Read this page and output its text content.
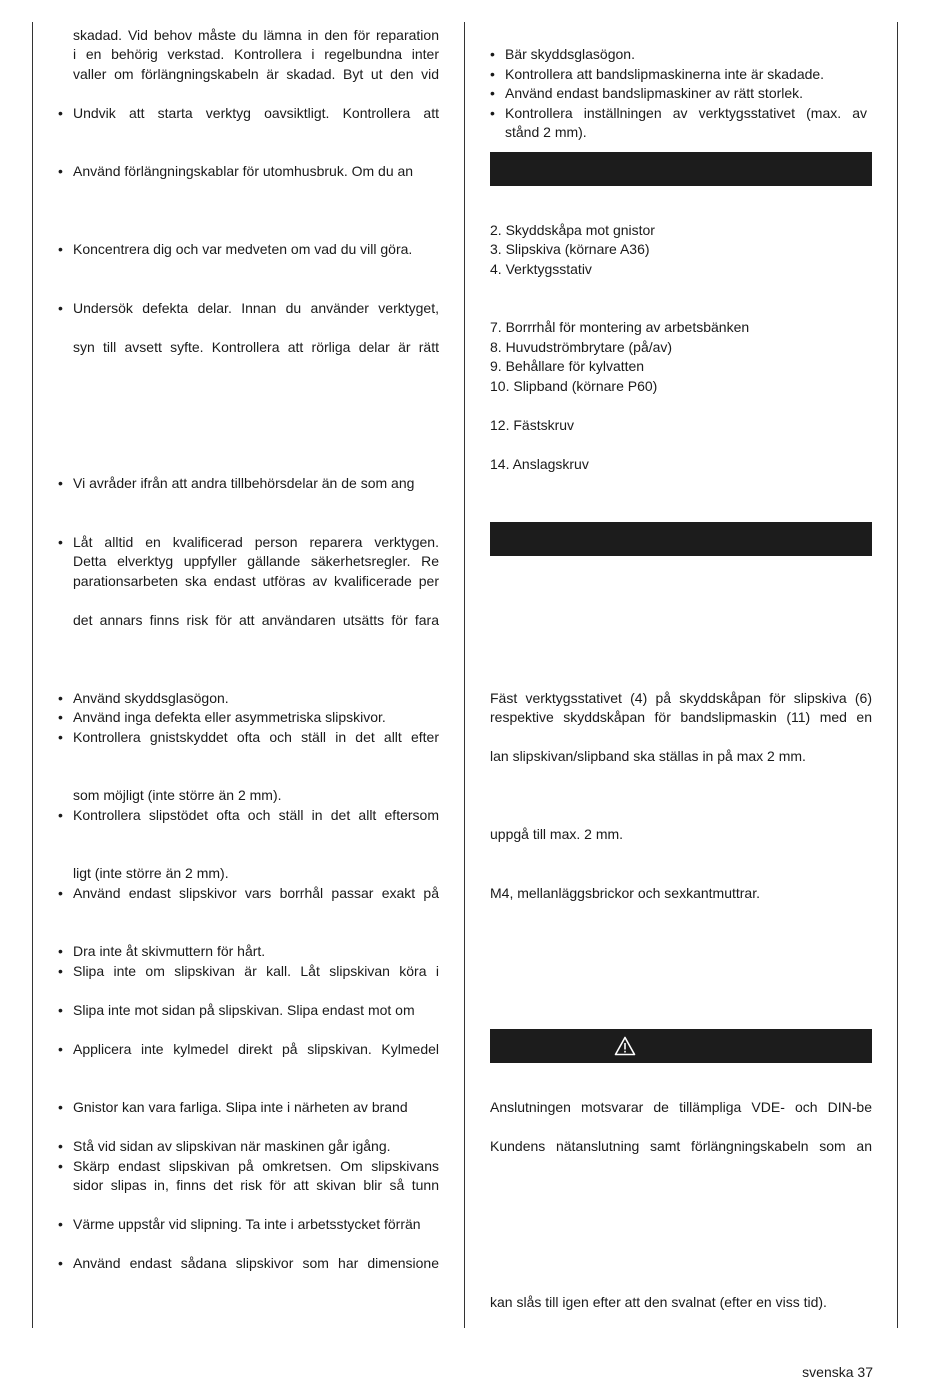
skadad. Vid behov måste du lämna in den för reparation
i en behörig verkstad. Kontrollera i regelbundna inter
valler om förlängningskabeln är skadad. Byt ut den vid
• Undvik att starta verktyg oavsiktligt. Kontrollera att
• Använd förlängningskablar för utomhusbruk. Om du an
• Koncentrera dig och var medveten om vad du vill göra.
• Undersök defekta delar. Innan du använder verktyget,
syn till avsett syfte. Kontrollera att rörliga delar är rätt
• Vi avråder ifrån att andra tillbehörsdelar än de som ang
• Låt alltid en kvalificerad person reparera verktygen.
Detta elverktyg uppfyller gällande säkerhetsregler. Re
parationsarbeten ska endast utföras av kvalificerade per
det annars finns risk för att användaren utsätts för fara
• Använd skyddsglasögon.
• Använd inga defekta eller asymmetriska slipskivor.
• Kontrollera gnistskyddet ofta och ställ in det allt efter
som möjligt (inte större än 2 mm).
• Kontrollera slipstödet ofta och ställ in det allt eftersom
ligt (inte större än 2 mm).
• Använd endast slipskivor vars borrhål passar exakt på
• Dra inte åt skivmuttern för hårt.
• Slipa inte om slipskivan är kall. Låt slipskivan köra i
• Slipa inte mot sidan på slipskivan. Slipa endast mot om
• Applicera inte kylmedel direkt på slipskivan. Kylmedel
• Gnistor kan vara farliga. Slipa inte i närheten av brand
• Stå vid sidan av slipskivan när maskinen går igång.
• Skärp endast slipskivan på omkretsen. Om slipskivans
sidor slipas in, finns det risk för att skivan blir så tunn
• Värme uppstår vid slipning. Ta inte i arbetsstycket förrän
• Använd endast sådana slipskivor som har dimensione
• Bär skyddsglasögon.
• Kontrollera att bandslipmaskinerna inte är skadade.
• Använd endast bandslipmaskiner av rätt storlek.
• Kontrollera inställningen av verktygsstativet (max. av
stånd 2 mm).
2. Skyddskåpa mot gnistor
3. Slipskiva (körnare A36)
4. Verktygsstativ
7. Borrrhål för montering av arbetsbänken
8. Huvudströmbrytare (på/av)
9. Behållare för kylvatten
10. Slipband (körnare P60)
12. Fästskruv
14. Anslagskruv
Fäst verktygsstativet (4) på skyddskåpan för slipskiva (6)
respektive skyddskåpan för bandslipmaskin (11) med en
lan slipskivan/slipband ska ställas in på max 2 mm.
uppgå till max. 2 mm.
M4, mellanläggsbrickor och sexkantmuttrar.
Anslutningen motsvarar de tillämpliga VDE- och DIN-be
Kundens nätanslutning samt förlängningskabeln som an
kan slås till igen efter att den svalnat (efter en viss tid).
svenska 37
